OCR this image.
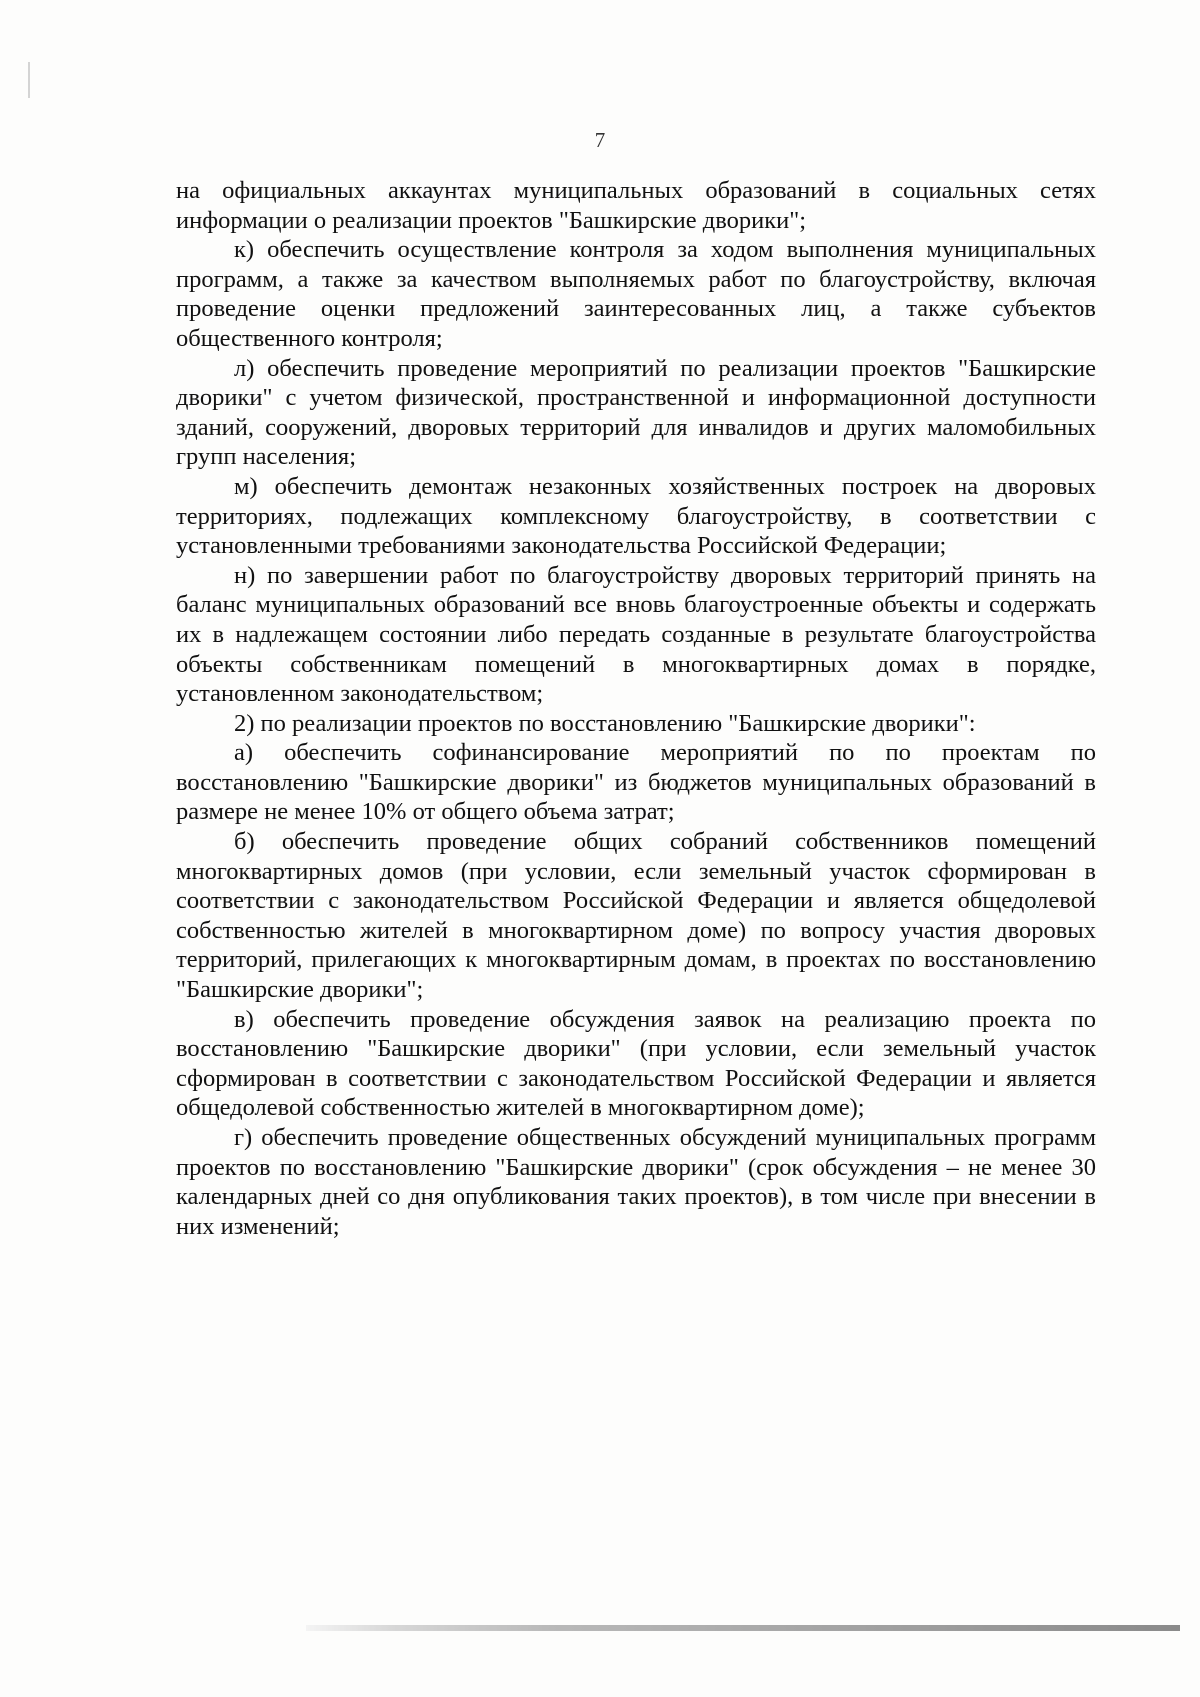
7

на официальных аккаунтах муниципальных образований в социальных сетях информации о реализации проектов "Башкирские дворики";

к) обеспечить осуществление контроля за ходом выполнения муниципальных программ, а также за качеством выполняемых работ по благоустройству, включая проведение оценки предложений заинтересованных лиц, а также субъектов общественного контроля;

л) обеспечить проведение мероприятий по реализации проектов "Башкирские дворики" с учетом физической, пространственной и информационной доступности зданий, сооружений, дворовых территорий для инвалидов и других маломобильных групп населения;

м) обеспечить демонтаж незаконных хозяйственных построек на дворовых территориях, подлежащих комплексному благоустройству, в соответствии с установленными требованиями законодательства Российской Федерации;

н) по завершении работ по благоустройству дворовых территорий принять на баланс муниципальных образований все вновь благоустроенные объекты и содержать их в надлежащем состоянии либо передать созданные в результате благоустройства объекты собственникам помещений в многоквартирных домах в порядке, установленном законодательством;

2) по реализации проектов по восстановлению "Башкирские дворики":

а) обеспечить софинансирование мероприятий по по проектам по восстановлению "Башкирские дворики" из бюджетов муниципальных образований в размере не менее 10% от общего объема затрат;

б) обеспечить проведение общих собраний собственников помещений многоквартирных домов (при условии, если земельный участок сформирован в соответствии с законодательством Российской Федерации и является общедолевой собственностью жителей в многоквартирном доме) по вопросу участия дворовых территорий, прилегающих к многоквартирным домам, в проектах по восстановлению "Башкирские дворики";

в) обеспечить проведение обсуждения заявок на реализацию проекта по восстановлению "Башкирские дворики" (при условии, если земельный участок сформирован в соответствии с законодательством Российской Федерации и является общедолевой собственностью жителей в многоквартирном доме);

г) обеспечить проведение общественных обсуждений муниципальных программ проектов по восстановлению "Башкирские дворики" (срок обсуждения – не менее 30 календарных дней со дня опубликования таких проектов), в том числе при внесении в них изменений;
